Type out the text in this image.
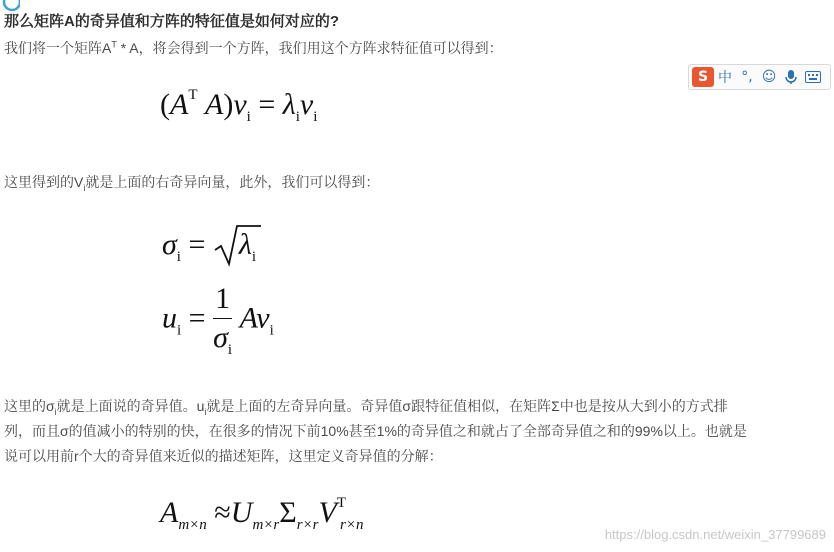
那么矩阵A的奇异值和方阵的特征值是如何对应的?
我们将一个矩阵$A^T$ * A，将会得到一个方阵，我们用这个方阵求特征值可以得到：
($A^T$ $A)v_i = \lambda_iv_i$
这里得到的$V_i$就是上面的右奇异向量，此外，我们可以得到：
$\sigma_i = \lambda_i$
$u_i = \frac{1}{\sigma_i} Av_i$
这里的$\sigma_i$就是上面说的奇异值。$u_i$就是上面的左奇异向量。奇异值σ跟特征值相似，在矩阵Σ中也是按从大到小的方式排
列，而且σ的值减小的特别的快，在很多的情况下前10%甚至1%的奇异值之和就占了全部奇异值之和的99%以上。也就是
说可以用前r个大的奇异值来近似的描述矩阵，这里定义奇异值的分解：
$A_{m\times n} \approx U_{m\times r}\Sigma_{r\times r}V^T_{r\times n}$
S 中 °, ☺
https://blog.csdn.net/weixin_37799689
